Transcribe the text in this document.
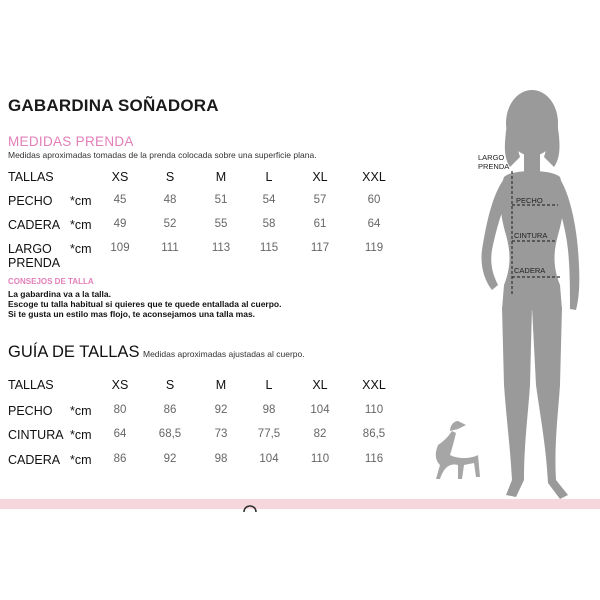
GABARDINA SOÑADORA
MEDIDAS PRENDA
Medidas aproximadas tomadas de la prenda colocada sobre una superficie plana.
TALLAS	XS	S	M	L	XL	XXL
PECHO *cm	45	48	51	54	57	60
CADERA *cm	49	52	55	58	61	64
LARGO
PRENDA
*cm	109	111	113	115	117	119
CONSEJOS DE TALLA
La gabardina va a la talla.
Escoge tu talla habitual si quieres que te quede entallada al cuerpo.
Si te gusta un estilo mas flojo, te aconsejamos una talla mas.
GUÍA DE TALLAS Medidas aproximadas ajustadas al cuerpo.
TALLAS	XS	S	M	L	XL	XXL
PECHO *cm	80	86	92	98	104	110
CINTURA *cm	64	68,5	73	77,5	82	86,5
CADERA *cm	86	92	98	104	110	116
LARGO
PRENDA
PECHO
CINTURA
CADERA
